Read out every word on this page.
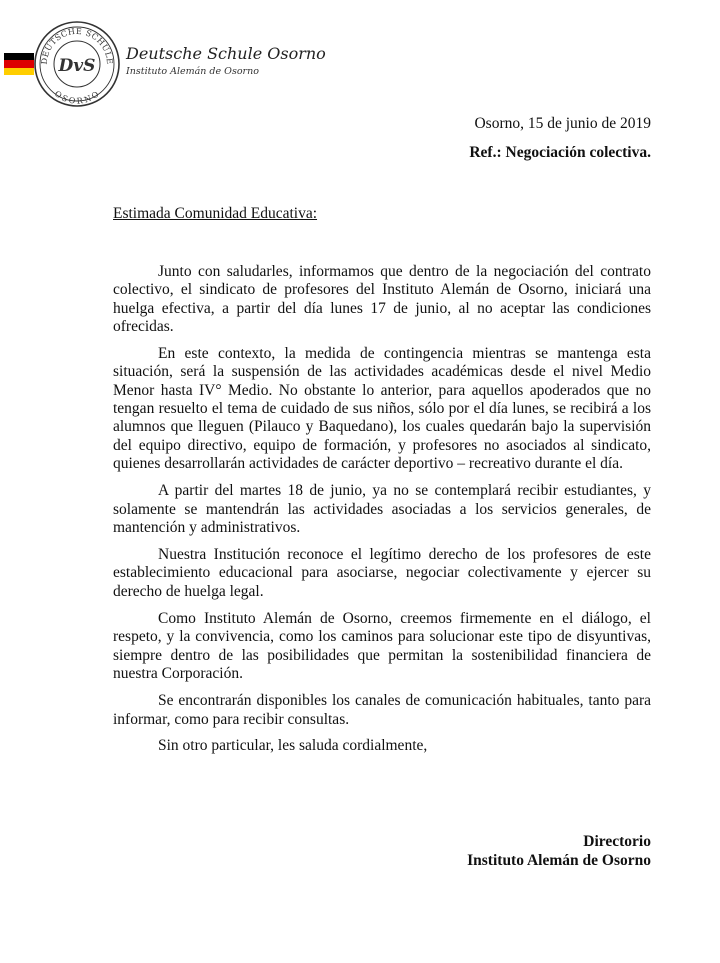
DEUTSCHE SCHULE
OSORNO
DvS
Deutsche Schule Osorno
Instituto Alemán de Osorno
Osorno, 15 de junio de 2019
Ref.: Negociación colectiva.
Estimada Comunidad Educativa:

Junto con saludarles, informamos que dentro de la negociación del contrato colectivo, el sindicato de profesores del Instituto Alemán de Osorno, iniciará una huelga efectiva, a partir del día lunes 17 de junio, al no aceptar las condiciones ofrecidas.

En este contexto, la medida de contingencia mientras se mantenga esta situación, será la suspensión de las actividades académicas desde el nivel Medio Menor hasta IV° Medio. No obstante lo anterior, para aquellos apoderados que no tengan resuelto el tema de cuidado de sus niños, sólo por el día lunes, se recibirá a los alumnos que lleguen (Pilauco y Baquedano), los cuales quedarán bajo la supervisión del equipo directivo, equipo de formación, y profesores no asociados al sindicato, quienes desarrollarán actividades de carácter deportivo – recreativo durante el día.

A partir del martes 18 de junio, ya no se contemplará recibir estudiantes, y solamente se mantendrán las actividades asociadas a los servicios generales, de mantención y administrativos.

Nuestra Institución reconoce el legítimo derecho de los profesores de este establecimiento educacional para asociarse, negociar colectivamente y ejercer su derecho de huelga legal.

Como Instituto Alemán de Osorno, creemos firmemente en el diálogo, el respeto, y la convivencia, como los caminos para solucionar este tipo de disyuntivas, siempre dentro de las posibilidades que permitan la sostenibilidad financiera de nuestra Corporación.

Se encontrarán disponibles los canales de comunicación habituales, tanto para informar, como para recibir consultas.

Sin otro particular, les saluda cordialmente,
Directorio
Instituto Alemán de Osorno
